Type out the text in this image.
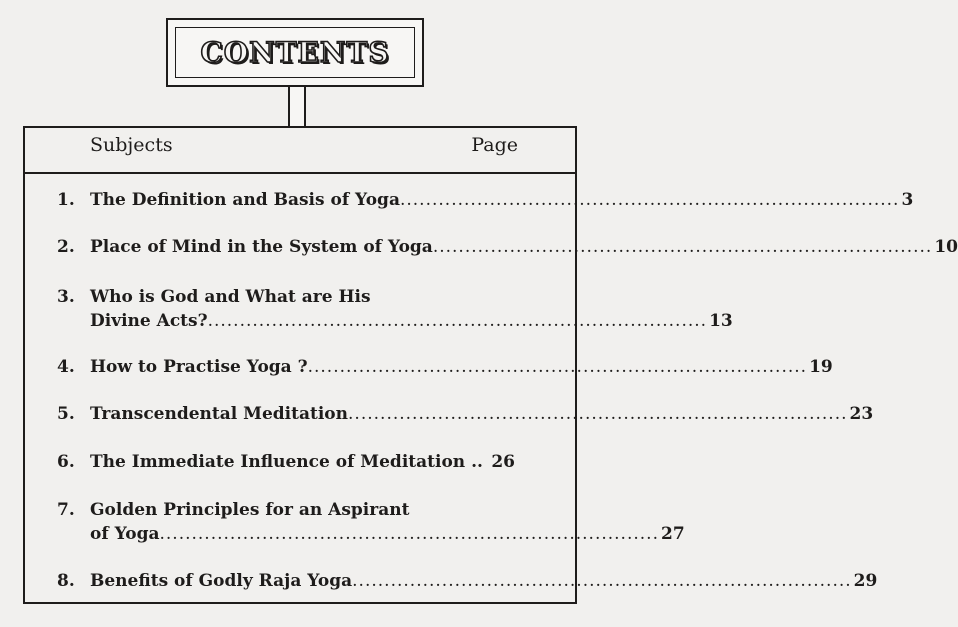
CONTENTS
Subjects	Page
1. The Definition and Basis of Yoga .............................................................................. 3
2. Place of Mind in the System of Yoga .............................................................................. 10
3. Who is God and What are His
Divine Acts? .............................................................................. 13
4. How to Practise Yoga ? .............................................................................. 19
5. Transcendental Meditation .............................................................................. 23
6. The Immediate Influence of Meditation .. 26
7. Golden Principles for an Aspirant
of Yoga .............................................................................. 27
8. Benefits of Godly Raja Yoga .............................................................................. 29
